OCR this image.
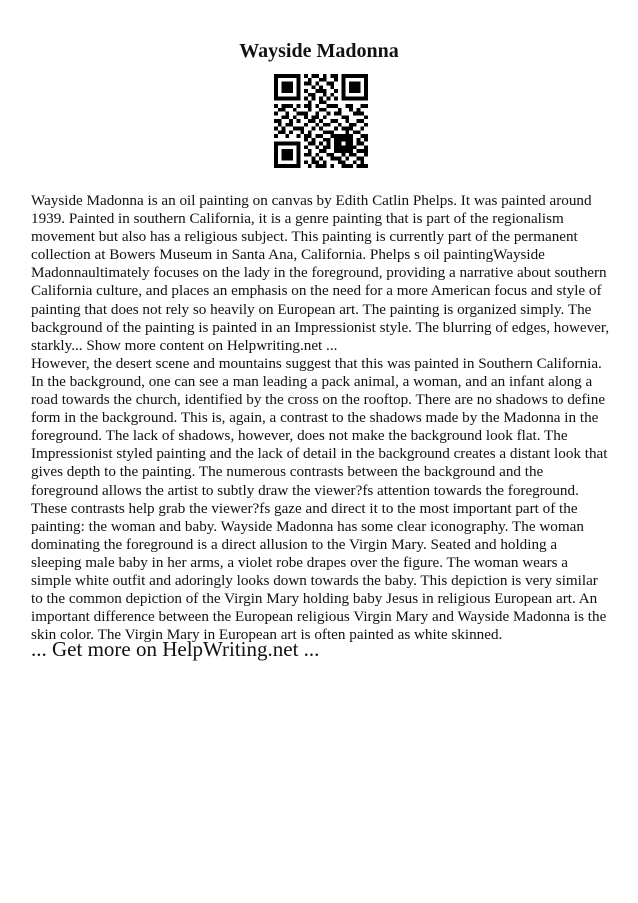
Wayside Madonna

Wayside Madonna is an oil painting on canvas by Edith Catlin Phelps. It was painted around 1939. Painted in southern California, it is a genre painting that is part of the regionalism movement but also has a religious subject. This painting is currently part of the permanent collection at Bowers Museum in Santa Ana, California. Phelps s oil paintingWayside Madonnaultimately focuses on the lady in the foreground, providing a narrative about southern California culture, and places an emphasis on the need for a more American focus and style of painting that does not rely so heavily on European art. The painting is organized simply. The background of the painting is painted in an Impressionist style. The blurring of edges, however, starkly... Show more content on Helpwriting.net ...

However, the desert scene and mountains suggest that this was painted in Southern California. In the background, one can see a man leading a pack animal, a woman, and an infant along a road towards the church, identified by the cross on the rooftop. There are no shadows to define form in the background. This is, again, a contrast to the shadows made by the Madonna in the foreground. The lack of shadows, however, does not make the background look flat. The Impressionist styled painting and the lack of detail in the background creates a distant look that gives depth to the painting. The numerous contrasts between the background and the foreground allows the artist to subtly draw the viewer?fs attention towards the foreground. These contrasts help grab the viewer?fs gaze and direct it to the most important part of the painting: the woman and baby. Wayside Madonna has some clear iconography. The woman dominating the foreground is a direct allusion to the Virgin Mary. Seated and holding a sleeping male baby in her arms, a violet robe drapes over the figure. The woman wears a simple white outfit and adoringly looks down towards the baby. This depiction is very similar to the common depiction of the Virgin Mary holding baby Jesus in religious European art. An important difference between the European religious Virgin Mary and Wayside Madonna is the skin color. The Virgin Mary in European art is often painted as white skinned.

... Get more on HelpWriting.net ...
